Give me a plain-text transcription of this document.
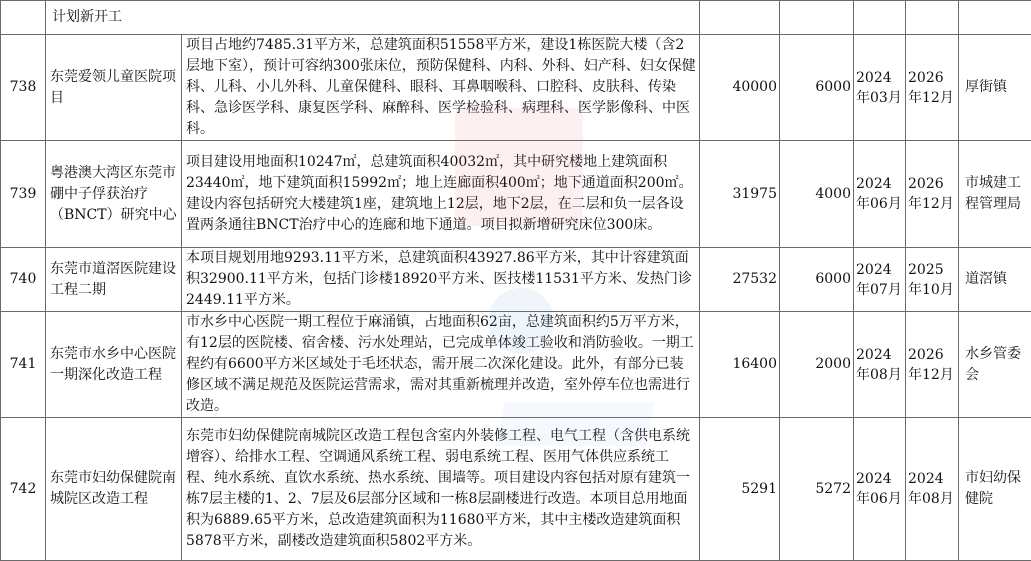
	计划新开工						
738	东莞爱领儿童医院项目	项目占地约7485.31平方米，总建筑面积51558平方米，建设1栋医院大楼（含2层地下室），预计可容纳300张床位，预防保健科、内科、外科、妇产科、妇女保健科、儿科、小儿外科、儿童保健科、眼科、耳鼻咽喉科、口腔科、皮肤科、传染科、急诊医学科、康复医学科、麻醉科、医学检验科、病理科、医学影像科、中医科。	40000	6000	2024年03月	2026年12月	厚街镇
739	粤港澳大湾区东莞市硼中子俘获治疗（BNCT）研究中心	项目建设用地面积10247㎡，总建筑面积40032㎡，其中研究楼地上建筑面积23440㎡，地下建筑面积15992㎡；地上连廊面积400㎡；地下通道面积200㎡。建设内容包括研究大楼建筑1座，建筑地上12层，地下2层，在二层和负一层各设置两条通往BNCT治疗中心的连廊和地下通道。项目拟新增研究床位300床。	31975	4000	2024年06月	2026年12月	市城建工程管理局
740	东莞市道滘医院建设工程二期	本项目规划用地9293.11平方米，总建筑面积43927.86平方米，其中计容建筑面积32900.11平方米，包括门诊楼18920平方米、医技楼11531平方米、发热门诊2449.11平方米。	27532	6000	2024年07月	2025年10月	道滘镇
741	东莞市水乡中心医院一期深化改造工程	市水乡中心医院一期工程位于麻涌镇，占地面积62亩，总建筑面积约5万平方米，有12层的医院楼、宿舍楼、污水处理站，已完成单体竣工验收和消防验收。一期工程约有6600平方米区域处于毛坯状态，需开展二次深化建设。此外，有部分已装修区域不满足规范及医院运营需求，需对其重新梳理并改造，室外停车位也需进行改造。	16400	2000	2024年08月	2026年12月	水乡管委会
742	东莞市妇幼保健院南城院区改造工程	东莞市妇幼保健院南城院区改造工程包含室内外装修工程、电气工程（含供电系统增容）、给排水工程、空调通风系统工程、弱电系统工程、医用气体供应系统工程、纯水系统、直饮水系统、热水系统、围墙等。项目建设内容包括对原有建筑一栋7层主楼的1、2、7层及6层部分区域和一栋8层副楼进行改造。本项目总用地面积为6889.65平方米，总改造建筑面积为11680平方米，其中主楼改造建筑面积5878平方米，副楼改造建筑面积5802平方米。	5291	5272	2024年06月	2024年08月	市妇幼保健院
